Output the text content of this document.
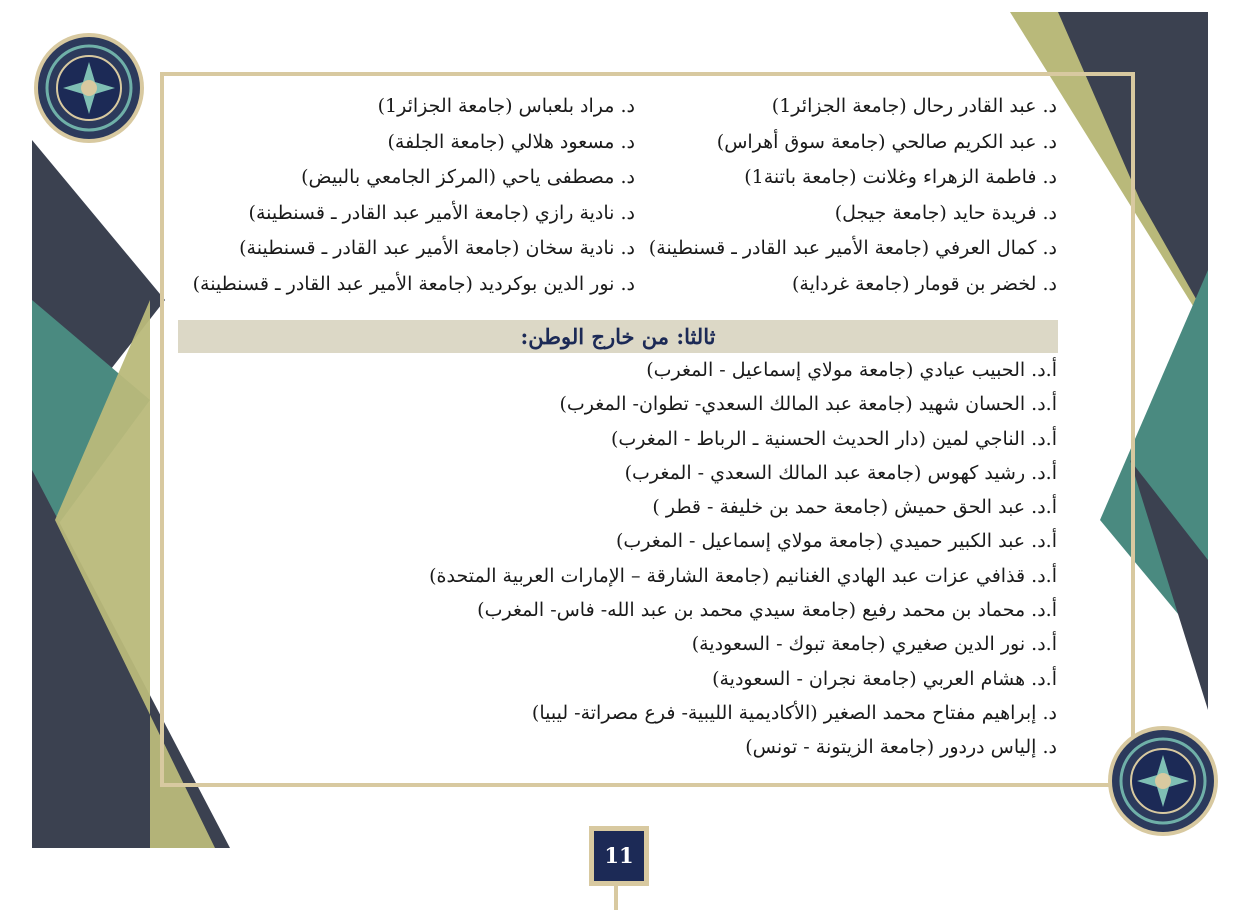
د. عبد القادر رحال (جامعة الجزائر1)
د. عبد الكريم صالحي (جامعة سوق أهراس)
د. فاطمة الزهراء وغلانت (جامعة باتنة1)
د. فريدة حايد (جامعة جيجل)
د. كمال العرفي (جامعة الأمير عبد القادر ـ قسنطينة)
د. لخضر بن قومار (جامعة غرداية)
د. مراد بلعباس (جامعة الجزائر1)
د. مسعود هلالي (جامعة الجلفة)
د. مصطفى ياحي (المركز الجامعي بالبيض)
د. نادية رازي (جامعة الأمير عبد القادر ـ قسنطينة)
د. نادية سخان (جامعة الأمير عبد القادر ـ قسنطينة)
د. نور الدين بوكرديد (جامعة الأمير عبد القادر ـ قسنطينة)
ثالثا: من خارج الوطن:
أ.د. الحبيب عيادي (جامعة مولاي إسماعيل - المغرب)
أ.د. الحسان شهيد (جامعة عبد المالك السعدي- تطوان- المغرب)
أ.د. الناجي لمين (دار الحديث الحسنية ـ الرباط - المغرب)
أ.د. رشيد كهوس (جامعة عبد المالك السعدي - المغرب)
أ.د. عبد الحق حميش (جامعة حمد بن خليفة - قطر )
أ.د. عبد الكبير حميدي (جامعة مولاي إسماعيل - المغرب)
أ.د. قذافي عزات عبد الهادي الغنانيم (جامعة الشارقة – الإمارات العربية المتحدة)
أ.د. محماد بن محمد رفيع (جامعة سيدي محمد بن عبد الله- فاس- المغرب)
أ.د. نور الدين صغيري (جامعة تبوك - السعودية)
أ.د. هشام العربي (جامعة نجران - السعودية)
د. إبراهيم مفتاح محمد الصغير (الأكاديمية الليبية- فرع مصراتة- ليبيا)
د. إلياس دردور (جامعة الزيتونة - تونس)
11
